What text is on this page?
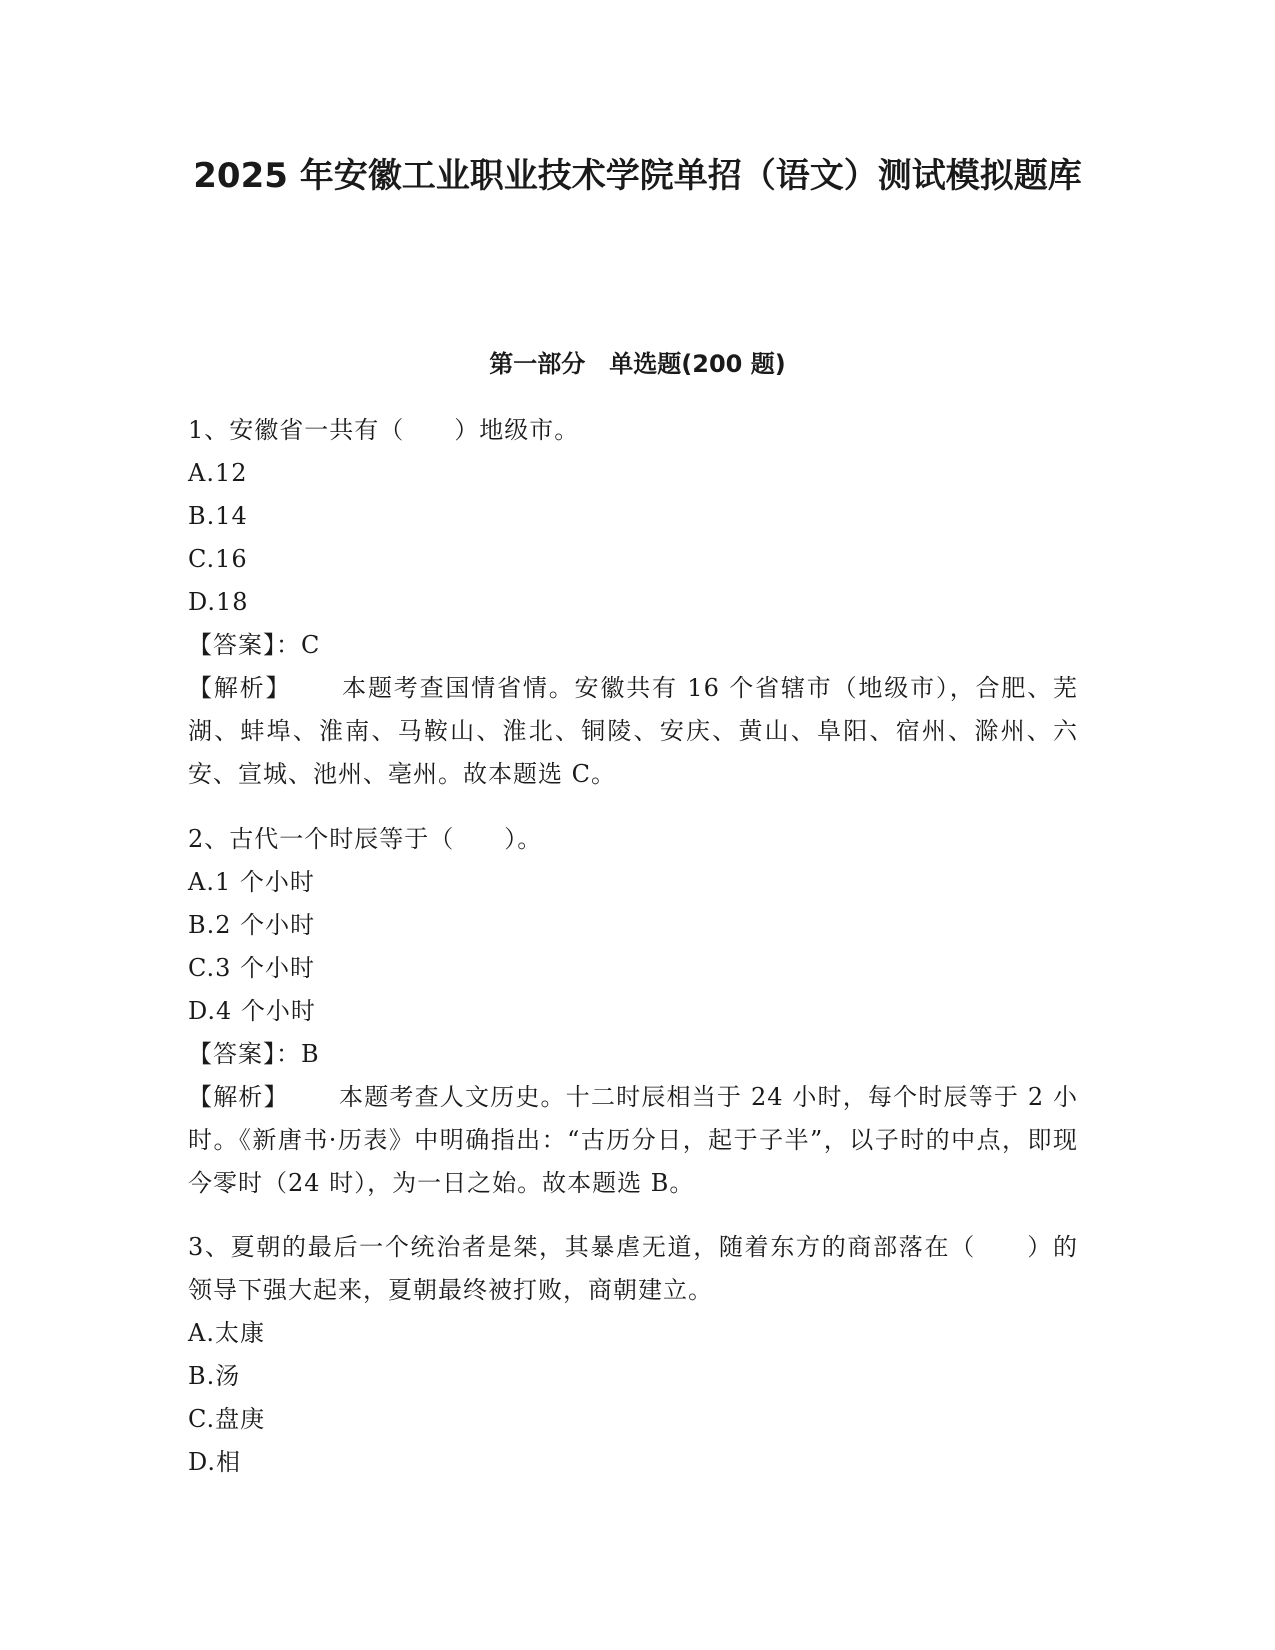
2025 年安徽工业职业技术学院单招（语文）测试模拟题库
第一部分 单选题(200 题)
1、安徽省一共有（　　）地级市。
A.12
B.14
C.16
D.18
【答案】：C
【解析】 本题考查国情省情。安徽共有 16 个省辖市（地级市），合肥、芜湖、蚌埠、淮南、马鞍山、淮北、铜陵、安庆、黄山、阜阳、宿州、滁州、六安、宣城、池州、亳州。故本题选 C。
2、古代一个时辰等于（　　）。
A.1 个小时
B.2 个小时
C.3 个小时
D.4 个小时
【答案】：B
【解析】 本题考查人文历史。十二时辰相当于 24 小时，每个时辰等于 2 小时。《新唐书·历表》中明确指出：“古历分日，起于子半”，以子时的中点，即现今零时（24 时），为一日之始。故本题选 B。
3、夏朝的最后一个统治者是桀，其暴虐无道，随着东方的商部落在（　　）的领导下强大起来，夏朝最终被打败，商朝建立。
A.太康
B.汤
C.盘庚
D.相
